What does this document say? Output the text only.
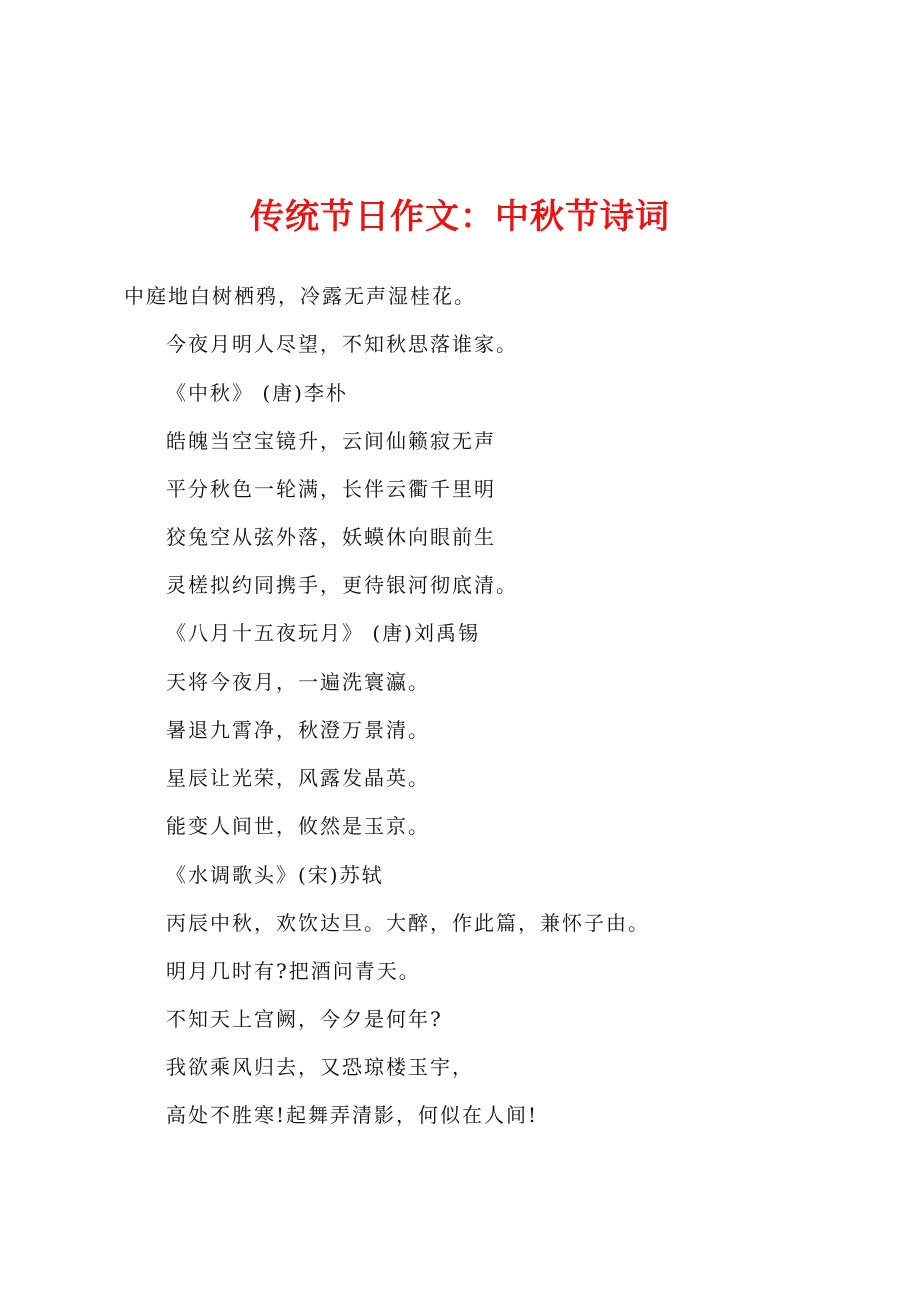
传统节日作文：中秋节诗词
中庭地白树栖鸦，冷露无声湿桂花。
今夜月明人尽望，不知秋思落谁家。
《中秋》 (唐)李朴
皓魄当空宝镜升，云间仙籁寂无声
平分秋色一轮满，长伴云衢千里明
狡兔空从弦外落，妖蟆休向眼前生
灵槎拟约同携手，更待银河彻底清。
《八月十五夜玩月》 (唐)刘禹锡
天将今夜月，一遍洗寰瀛。
暑退九霄净，秋澄万景清。
星辰让光荣，风露发晶英。
能变人间世，攸然是玉京。
《水调歌头》(宋)苏轼
丙辰中秋，欢饮达旦。大醉，作此篇，兼怀子由。
明月几时有?把酒问青天。
不知天上宫阙，今夕是何年?
我欲乘风归去，又恐琼楼玉宇，
高处不胜寒!起舞弄清影，何似在人间!
